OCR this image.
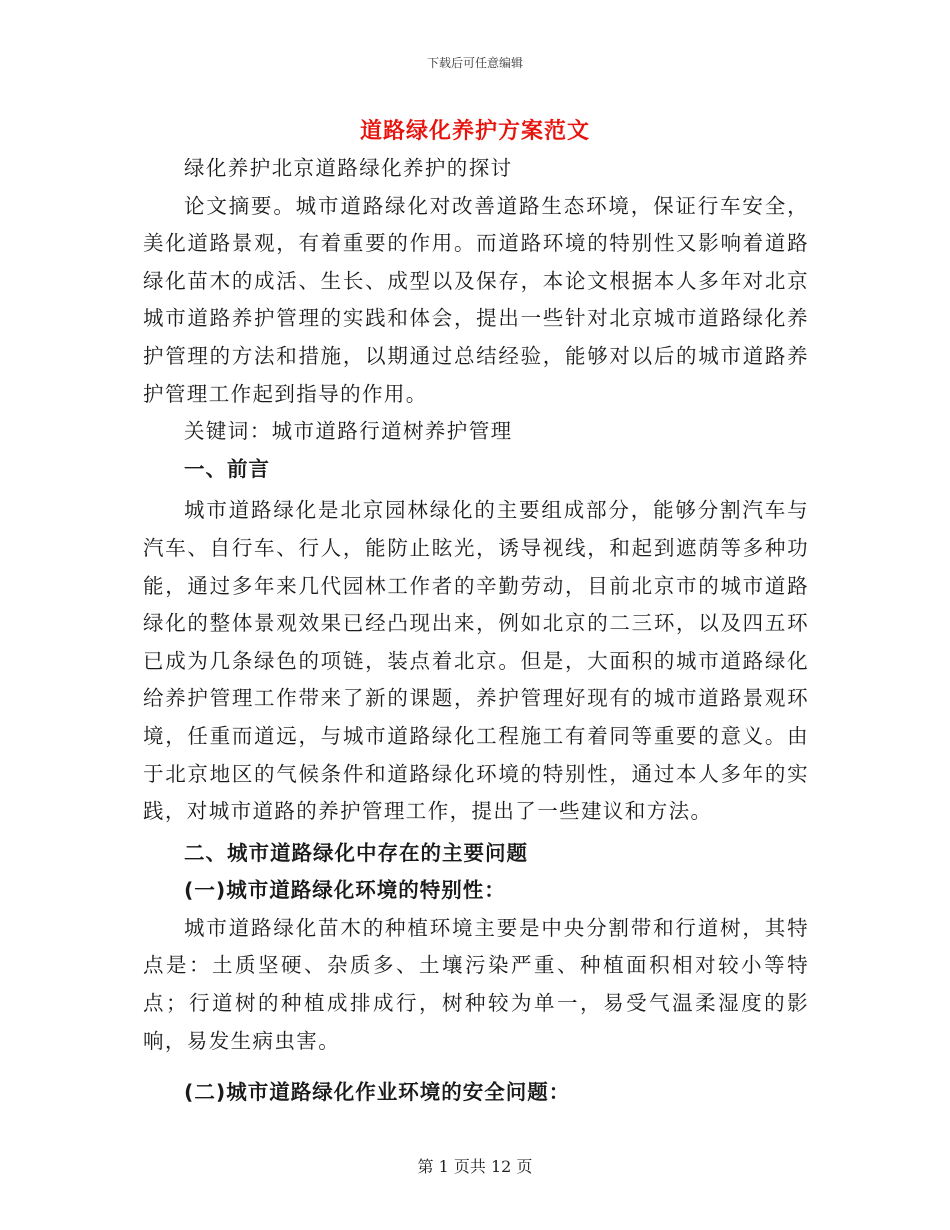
下载后可任意编辑
道路绿化养护方案范文

绿化养护北京道路绿化养护的探讨

论文摘要。城市道路绿化对改善道路生态环境，保证行车安全，美化道路景观，有着重要的作用。而道路环境的特别性又影响着道路绿化苗木的成活、生长、成型以及保存，本论文根据本人多年对北京城市道路养护管理的实践和体会，提出一些针对北京城市道路绿化养护管理的方法和措施，以期通过总结经验，能够对以后的城市道路养护管理工作起到指导的作用。

关键词：城市道路行道树养护管理

一、前言

城市道路绿化是北京园林绿化的主要组成部分，能够分割汽车与汽车、自行车、行人，能防止眩光，诱导视线，和起到遮荫等多种功能，通过多年来几代园林工作者的辛勤劳动，目前北京市的城市道路绿化的整体景观效果已经凸现出来，例如北京的二三环，以及四五环已成为几条绿色的项链，装点着北京。但是，大面积的城市道路绿化给养护管理工作带来了新的课题，养护管理好现有的城市道路景观环境，任重而道远，与城市道路绿化工程施工有着同等重要的意义。由于北京地区的气候条件和道路绿化环境的特别性，通过本人多年的实践，对城市道路的养护管理工作，提出了一些建议和方法。

二、城市道路绿化中存在的主要问题

(一)城市道路绿化环境的特别性：

城市道路绿化苗木的种植环境主要是中央分割带和行道树，其特点是：土质坚硬、杂质多、土壤污染严重、种植面积相对较小等特点；行道树的种植成排成行，树种较为单一，易受气温柔湿度的影响，易发生病虫害。

(二)城市道路绿化作业环境的安全问题：

第 1 页共 12 页
